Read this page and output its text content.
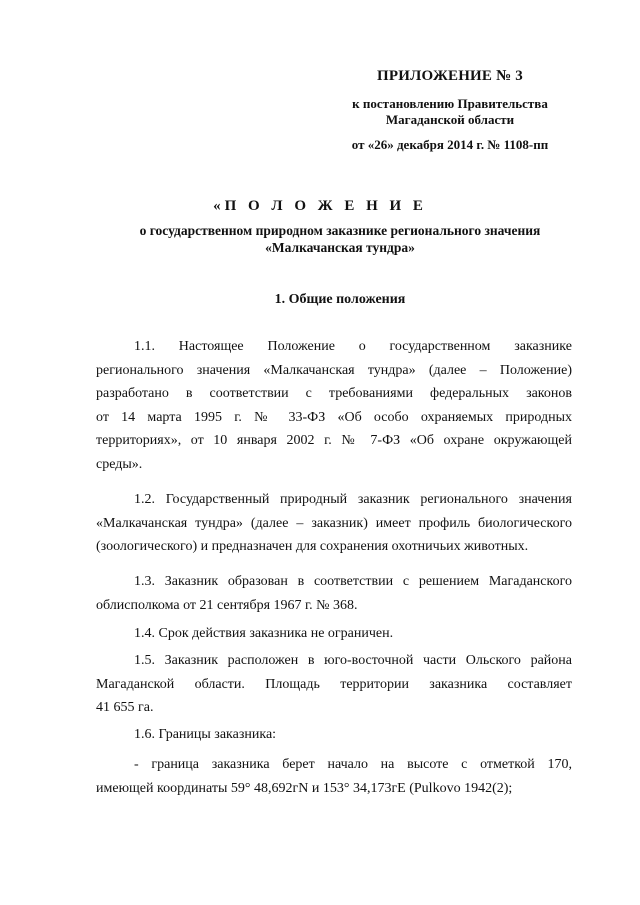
ПРИЛОЖЕНИЕ № 3
к постановлению Правительства
Магаданской области
от «26» декабря 2014 г. № 1108-пп
«П О Л О Ж Е Н И Е
о государственном природном заказнике регионального значения
«Малкачанская тундра»
1. Общие положения
1.1. Настоящее Положение о государственном заказнике
регионального значения «Малкачанская тундра» (далее – Положение)
разработано в соответствии с требованиями федеральных законов
от 14 марта 1995 г. № 33-ФЗ «Об особо охраняемых природных
территориях», от 10 января 2002 г. № 7-ФЗ «Об охране окружающей
среды».
1.2. Государственный природный заказник регионального значения
«Малкачанская тундра» (далее – заказник) имеет профиль биологического
(зоологического) и предназначен для сохранения охотничьих животных.
1.3. Заказник образован в соответствии с решением Магаданского
облисполкома от 21 сентября 1967 г. № 368.
1.4. Срок действия заказника не ограничен.
1.5. Заказник расположен в юго-восточной части Ольского района
Магаданской области. Площадь территории заказника составляет
41 655 га.
1.6. Границы заказника:
- граница заказника берет начало на высоте с отметкой 170,
имеющей координаты 59° 48,692гN и 153° 34,173гE (Pulkovo 1942(2);
